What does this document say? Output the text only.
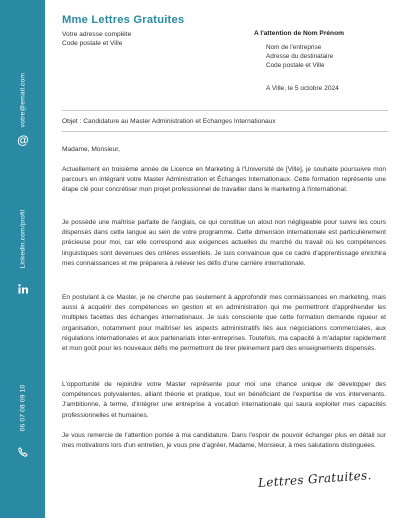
votre@email.com
@
Linkedin.com/profil
06 07 08 09 10
Mme Lettres Gratuites
Votre adresse complète
Code postale et Ville
A l'attention de Nom Prénom
Nom de l'entreprise
Adresse du destinataire
Code postale et Ville
A Ville, le 5 octobre 2024
Objet : Candidature au Master Administration et Echanges Internationaux
Madame, Monsieur,

Actuellement en troisième année de Licence en Marketing à l'Université de [Ville], je souhaite poursuivre mon parcours en intégrant votre Master Administration et Échanges Internationaux. Cette formation représente une étape clé pour concrétiser mon projet professionnel de travailler dans le marketing à l'international.

Je possède une maîtrise parfaite de l'anglais, ce qui constitue un atout non négligeable pour suivre les cours dispensés dans cette langue au sein de votre programme. Cette dimension internationale est particulièrement précieuse pour moi, car elle correspond aux exigences actuelles du marché du travail où les compétences linguistiques sont devenues des critères essentiels. Je suis convaincue que ce cadre d'apprentissage enrichira mes connaissances et me préparera à relever les défis d'une carrière internationale.

En postulant à ce Master, je ne cherche pas seulement à approfondir mes connaissances en marketing, mais aussi à acquérir des compétences en gestion et en administration qui me permettront d'appréhender les multiples facettes des échanges internationaux. Je suis consciente que cette formation demande rigueur et organisation, notamment pour maîtriser les aspects administratifs liés aux négociations commerciales, aux régulations internationales et aux partenariats inter-entreprises. Toutefois, ma capacité à m'adapter rapidement et mon goût pour les nouveaux défis me permettront de tirer pleinement parti des enseignements dispensés.

L'opportunité de rejoindre votre Master représente pour moi une chance unique de développer des compétences polyvalentes, alliant théorie et pratique, tout en bénéficiant de l'expertise de vos intervenants. J'ambitionne, à terme, d'intégrer une entreprise à vocation internationale qui saura exploiter mes capacités professionnelles et humaines.

Je vous remercie de l'attention portée à ma candidature. Dans l'espoir de pouvoir échanger plus en détail sur mes motivations lors d'un entretien, je vous prie d'agréer, Madame, Monsieur, à mes salutations distinguées.

Lettres Gratuites.
